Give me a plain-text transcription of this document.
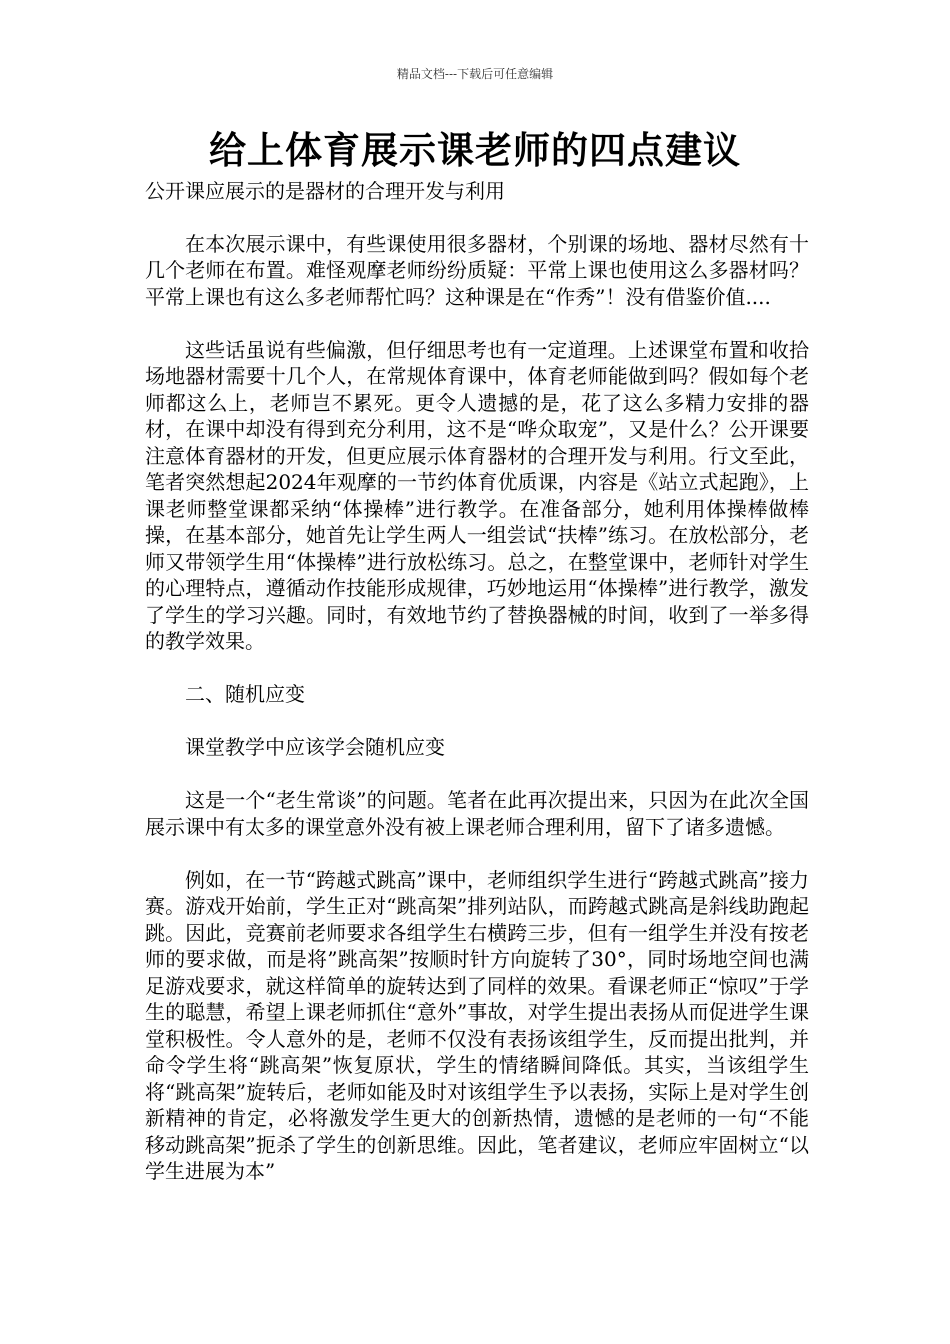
精品文档---下载后可任意编辑
给上体育展示课老师的四点建议

公开课应展示的是器材的合理开发与利用

在本次展示课中，有些课使用很多器材，个别课的场地、器材尽然有十几个老师在布置。难怪观摩老师纷纷质疑：平常上课也使用这么多器材吗？平常上课也有这么多老师帮忙吗？这种课是在“作秀”！没有借鉴价值....

这些话虽说有些偏激，但仔细思考也有一定道理。上述课堂布置和收拾场地器材需要十几个人，在常规体育课中，体育老师能做到吗？假如每个老师都这么上，老师岂不累死。更令人遗撼的是，花了这么多精力安排的器材，在课中却没有得到充分利用，这不是“哗众取宠”，又是什么？公开课要注意体育器材的开发，但更应展示体育器材的合理开发与利用。行文至此，笔者突然想起2024年观摩的一节约体育优质课，内容是《站立式起跑》，上课老师整堂课都采纳“体操棒”进行教学。在准备部分，她利用体操棒做棒操，在基本部分，她首先让学生两人一组尝试“扶棒”练习。在放松部分，老师又带领学生用“体操棒”进行放松练习。总之，在整堂课中，老师针对学生的心理特点，遵循动作技能形成规律，巧妙地运用“体操棒”进行教学，激发了学生的学习兴趣。同时，有效地节约了替换器械的时间，收到了一举多得的教学效果。

二、随机应变

课堂教学中应该学会随机应变

这是一个“老生常谈”的问题。笔者在此再次提出来，只因为在此次全国展示课中有太多的课堂意外没有被上课老师合理利用，留下了诸多遗憾。

例如，在一节“跨越式跳高”课中，老师组织学生进行“跨越式跳高”接力赛。游戏开始前，学生正对“跳高架”排列站队，而跨越式跳高是斜线助跑起跳。因此，竞赛前老师要求各组学生右横跨三步，但有一组学生并没有按老师的要求做，而是将”跳高架”按顺时针方向旋转了30°，同时场地空间也满足游戏要求，就这样简单的旋转达到了同样的效果。看课老师正“惊叹”于学生的聪慧，希望上课老师抓住“意外”事故，对学生提出表扬从而促进学生课堂积极性。令人意外的是，老师不仅没有表扬该组学生，反而提出批判，并命令学生将“跳高架”恢复原状，学生的情绪瞬间降低。其实，当该组学生将“跳高架”旋转后，老师如能及时对该组学生予以表扬，实际上是对学生创新精神的肯定，必将激发学生更大的创新热情，遗憾的是老师的一句“不能移动跳高架”扼杀了学生的创新思维。因此，笔者建议，老师应牢固树立“以学生进展为本”
